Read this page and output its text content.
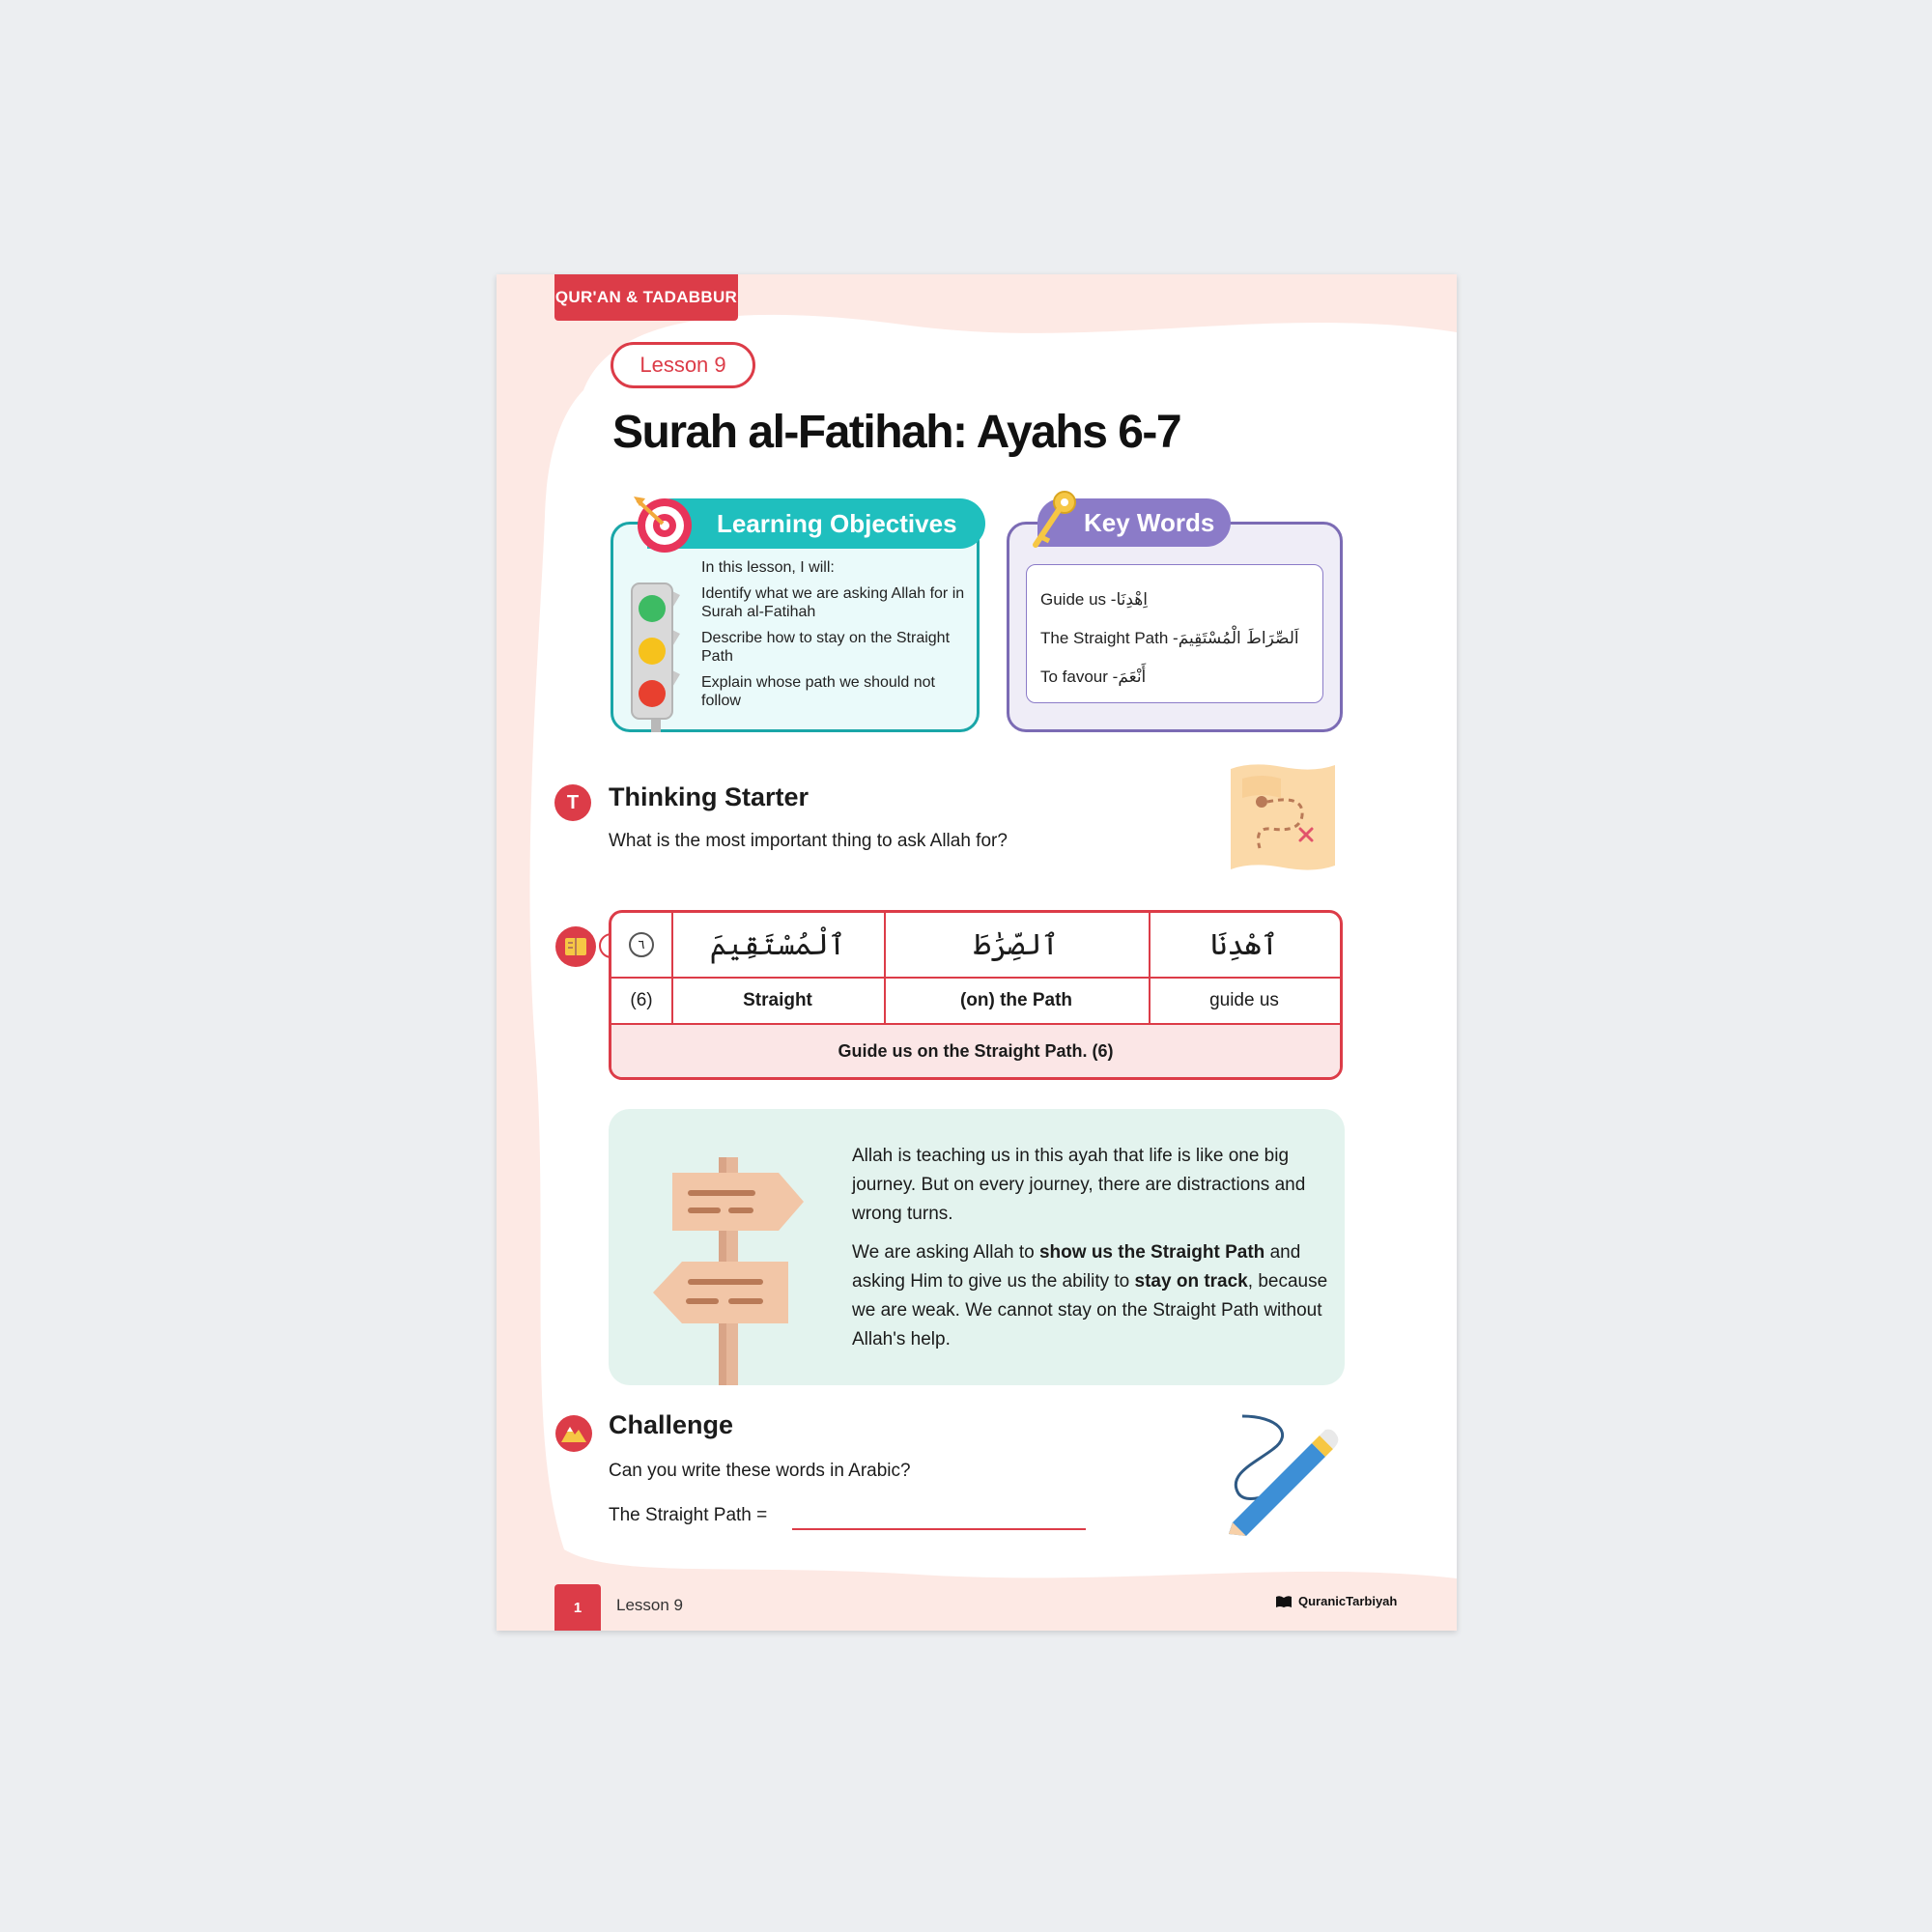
QUR'AN & TADABBUR
Lesson 9
Surah al-Fatihah: Ayahs 6-7
Learning Objectives
In this lesson, I will:
Identify what we are asking Allah for in Surah al-Fatihah
Describe how to stay on the Straight Path
Explain whose path we should not follow
Key Words
Guide us - اِهْدِنَا
The Straight Path - اَلصِّرَاطَ الْمُسْتَقِيمَ
To favour - أَنْعَمَ
T	Thinking Starter
What is the most important thing to ask Allah for?
٦	ٱلْمُسْتَقِيمَ	ٱلصِّرَٰطَ	ٱهْدِنَا
(6)	Straight	(on) the Path	guide us
Guide us on the Straight Path. (6)

Allah is teaching us in this ayah that life is like one big journey. But on every journey, there are distractions and wrong turns.

We are asking Allah to show us the Straight Path and asking Him to give us the ability to stay on track, because we are weak. We cannot stay on the Straight Path without Allah's help.

Challenge
Can you write these words in Arabic?
The Straight Path =
1	Lesson 9	QuranicTarbiyah
